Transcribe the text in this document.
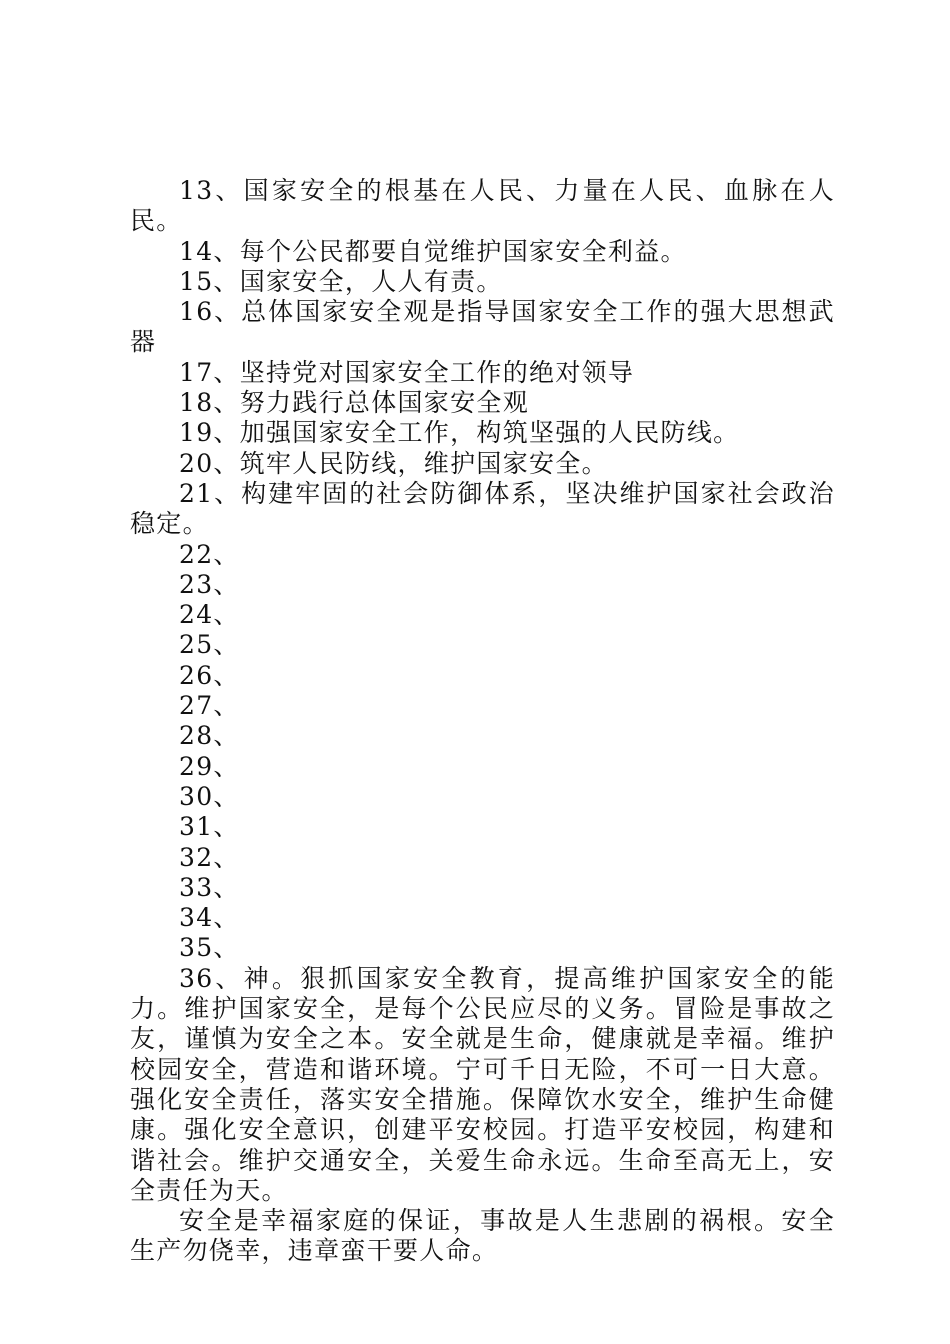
13、国家安全的根基在人民、力量在人民、血脉在人民。

14、每个公民都要自觉维护国家安全利益。

15、国家安全，人人有责。

16、总体国家安全观是指导国家安全工作的强大思想武器

17、坚持党对国家安全工作的绝对领导

18、努力践行总体国家安全观

19、加强国家安全工作，构筑坚强的人民防线。

20、筑牢人民防线，维护国家安全。

21、构建牢固的社会防御体系，坚决维护国家社会政治稳定。

22、

23、

24、

25、

26、

27、

28、

29、

30、

31、

32、

33、

34、

35、

36、神。狠抓国家安全教育，提高维护国家安全的能力。维护国家安全，是每个公民应尽的义务。冒险是事故之友，谨慎为安全之本。安全就是生命，健康就是幸福。维护校园安全，营造和谐环境。宁可千日无险，不可一日大意。强化安全责任，落实安全措施。保障饮水安全，维护生命健康。强化安全意识，创建平安校园。打造平安校园，构建和谐社会。维护交通安全，关爱生命永远。生命至高无上，安全责任为天。

安全是幸福家庭的保证，事故是人生悲剧的祸根。安全生产勿侥幸，违章蛮干要人命。
